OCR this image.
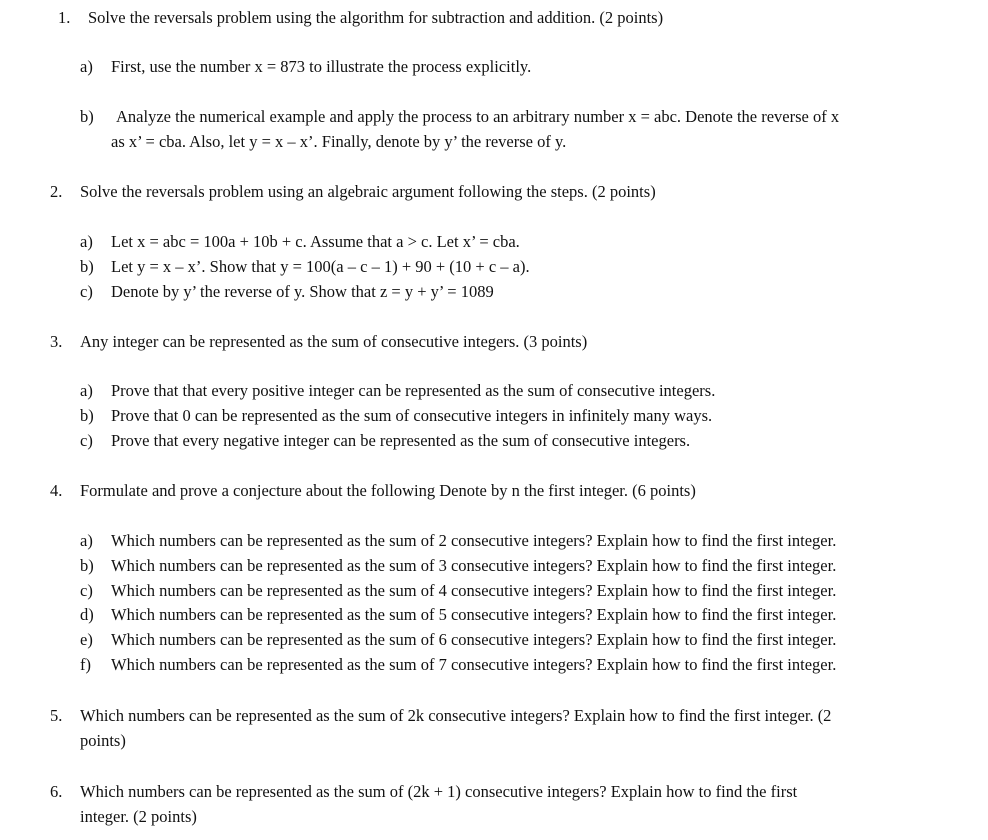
1. Solve the reversals problem using the algorithm for subtraction and addition. (2 points)
a) First, use the number x = 873 to illustrate the process explicitly.
b) Analyze the numerical example and apply the process to an arbitrary number x = abc. Denote the reverse of x
as x’ = cba. Also, let y = x – x’. Finally, denote by y’ the reverse of y.
2. Solve the reversals problem using an algebraic argument following the steps. (2 points)
a) Let x = abc = 100a + 10b + c. Assume that a > c. Let x’ = cba.
b) Let y = x – x’. Show that y = 100(a – c – 1) + 90 + (10 + c – a).
c) Denote by y’ the reverse of y. Show that z = y + y’ = 1089
3. Any integer can be represented as the sum of consecutive integers. (3 points)
a) Prove that that every positive integer can be represented as the sum of consecutive integers.
b) Prove that 0 can be represented as the sum of consecutive integers in infinitely many ways.
c) Prove that every negative integer can be represented as the sum of consecutive integers.
4. Formulate and prove a conjecture about the following Denote by n the first integer. (6 points)
a) Which numbers can be represented as the sum of 2 consecutive integers? Explain how to find the first integer.
b) Which numbers can be represented as the sum of 3 consecutive integers? Explain how to find the first integer.
c) Which numbers can be represented as the sum of 4 consecutive integers? Explain how to find the first integer.
d) Which numbers can be represented as the sum of 5 consecutive integers? Explain how to find the first integer.
e) Which numbers can be represented as the sum of 6 consecutive integers? Explain how to find the first integer.
f) Which numbers can be represented as the sum of 7 consecutive integers? Explain how to find the first integer.
5. Which numbers can be represented as the sum of 2k consecutive integers? Explain how to find the first integer. (2
points)
6. Which numbers can be represented as the sum of (2k + 1) consecutive integers? Explain how to find the first
integer. (2 points)
